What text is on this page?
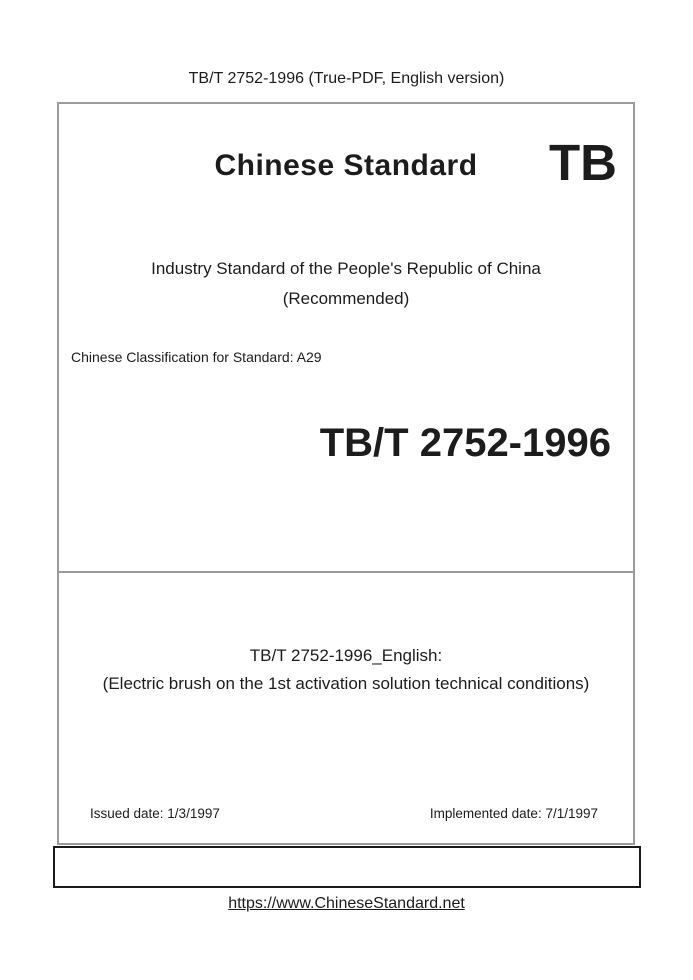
TB/T 2752-1996 (True-PDF, English version)
Chinese Standard	TB
Industry Standard of the People's Republic of China
(Recommended)
Chinese Classification for Standard: A29
TB/T 2752-1996
TB/T 2752-1996_English:
(Electric brush on the 1st activation solution technical conditions)
Issued date: 1/3/1997	Implemented date: 7/1/1997
https://www.ChineseStandard.net
